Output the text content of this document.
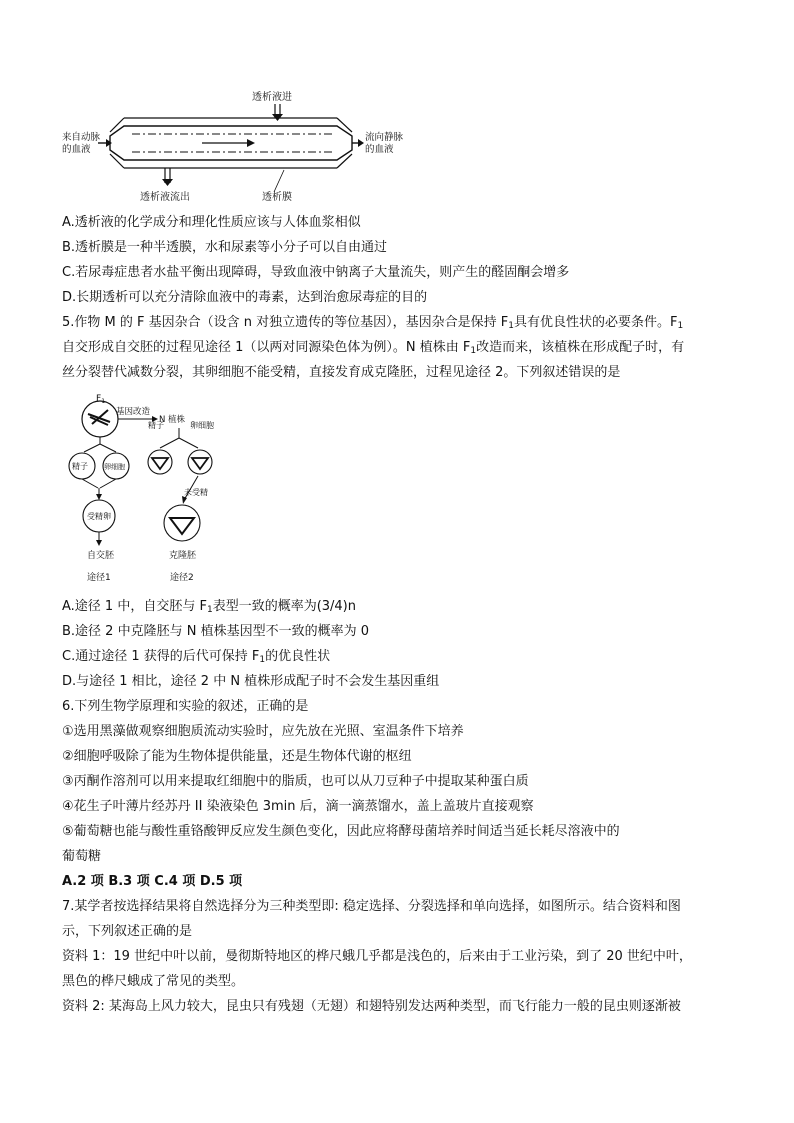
透析液进
来自动脉
的血液
流向静脉
的血液
透析液流出	透析膜
A.透析液的化学成分和理化性质应该与人体血浆相似
B.透析膜是一种半透膜，水和尿素等小分子可以自由通过
C.若尿毒症患者水盐平衡出现障碍，导致血液中钠离子大量流失，则产生的醛固酮会增多
D.长期透析可以充分清除血液中的毒素，达到治愈尿毒症的目的
5.作物 M 的 F 基因杂合（设含 n 对独立遗传的等位基因），基因杂合是保持 $F_1$具有优良性状的必要条件。$F_1$
自交形成自交胚的过程见途径 1（以两对同源染色体为例）。N 植株由 $F_1$改造而来，该植株在形成配子时，有
丝分裂替代减数分裂，其卵细胞不能受精，直接发育成克隆胚，过程见途径 2。下列叙述错误的是
$F_1$
基因改造
N 植株
精子 卵细胞
受精卵
自交胚
途径1
精子	卵细胞
未受精
克隆胚
途径2
A.途径 1 中，自交胚与 $F_1$表型一致的概率为(3/4)n
B.途径 2 中克隆胚与 N 植株基因型不一致的概率为 0
C.通过途径 1 获得的后代可保持 $F_1$的优良性状
D.与途径 1 相比，途径 2 中 N 植株形成配子时不会发生基因重组
6.下列生物学原理和实验的叙述，正确的是
①选用黑藻做观察细胞质流动实验时，应先放在光照、室温条件下培养
②细胞呼吸除了能为生物体提供能量，还是生物体代谢的枢纽
③丙酮作溶剂可以用来提取红细胞中的脂质，也可以从刀豆种子中提取某种蛋白质
④花生子叶薄片经苏丹 II 染液染色 3min 后，滴一滴蒸馏水，盖上盖玻片直接观察
⑤葡萄糖也能与酸性重铬酸钾反应发生颜色变化，因此应将酵母菌培养时间适当延长耗尽溶液中的
葡萄糖
A.2 项 B.3 项 C.4 项 D.5 项
7.某学者按选择结果将自然选择分为三种类型即: 稳定选择、分裂选择和单向选择，如图所示。结合资料和图
示，下列叙述正确的是
资料 1：19 世纪中叶以前，曼彻斯特地区的桦尺蛾几乎都是浅色的，后来由于工业污染，到了 20 世纪中叶，
黑色的桦尺蛾成了常见的类型。
资料 2: 某海岛上风力较大，昆虫只有残翅（无翅）和翅特别发达两种类型，而飞行能力一般的昆虫则逐渐被
